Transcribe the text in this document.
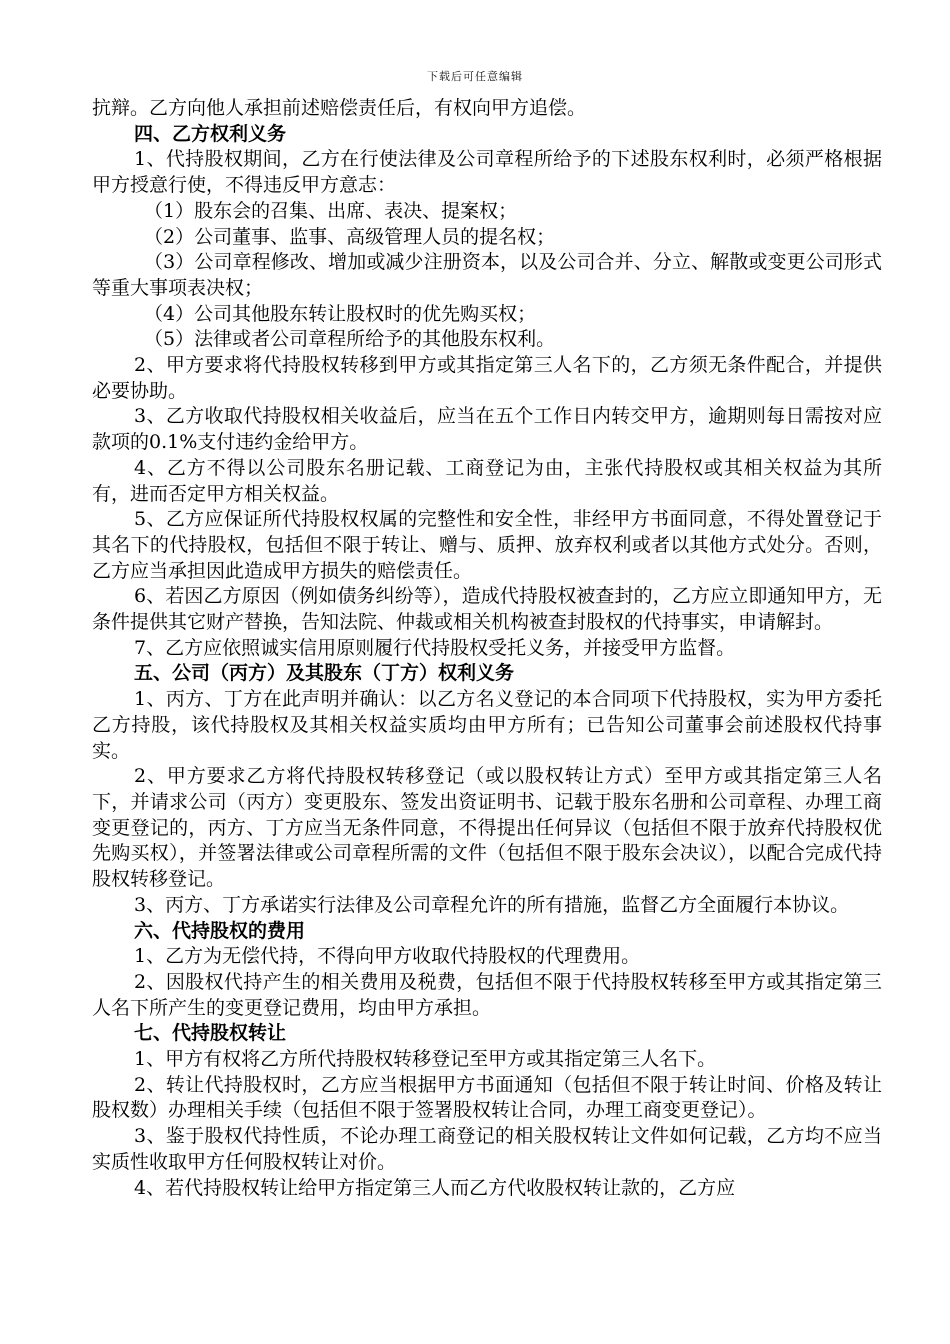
下载后可任意编辑

抗辩。乙方向他人承担前述赔偿责任后，有权向甲方追偿。

四、乙方权利义务

1、代持股权期间，乙方在行使法律及公司章程所给予的下述股东权利时，必须严格根据甲方授意行使，不得违反甲方意志：

（1）股东会的召集、出席、表决、提案权；

（2）公司董事、监事、高级管理人员的提名权；

（3）公司章程修改、增加或减少注册资本，以及公司合并、分立、解散或变更公司形式等重大事项表决权；

（4）公司其他股东转让股权时的优先购买权；

（5）法律或者公司章程所给予的其他股东权利。

2、甲方要求将代持股权转移到甲方或其指定第三人名下的，乙方须无条件配合，并提供必要协助。

3、乙方收取代持股权相关收益后，应当在五个工作日内转交甲方，逾期则每日需按对应款项的0.1%支付违约金给甲方。

4、乙方不得以公司股东名册记载、工商登记为由，主张代持股权或其相关权益为其所有，进而否定甲方相关权益。

5、乙方应保证所代持股权权属的完整性和安全性，非经甲方书面同意，不得处置登记于其名下的代持股权，包括但不限于转让、赠与、质押、放弃权利或者以其他方式处分。否则，乙方应当承担因此造成甲方损失的赔偿责任。

6、若因乙方原因（例如债务纠纷等），造成代持股权被查封的，乙方应立即通知甲方，无条件提供其它财产替换，告知法院、仲裁或相关机构被查封股权的代持事实，申请解封。

7、乙方应依照诚实信用原则履行代持股权受托义务，并接受甲方监督。

五、公司（丙方）及其股东（丁方）权利义务

1、丙方、丁方在此声明并确认：以乙方名义登记的本合同项下代持股权，实为甲方委托乙方持股，该代持股权及其相关权益实质均由甲方所有；已告知公司董事会前述股权代持事实。

2、甲方要求乙方将代持股权转移登记（或以股权转让方式）至甲方或其指定第三人名下，并请求公司（丙方）变更股东、签发出资证明书、记载于股东名册和公司章程、办理工商变更登记的，丙方、丁方应当无条件同意，不得提出任何异议（包括但不限于放弃代持股权优先购买权），并签署法律或公司章程所需的文件（包括但不限于股东会决议），以配合完成代持股权转移登记。

3、丙方、丁方承诺实行法律及公司章程允许的所有措施，监督乙方全面履行本协议。

六、代持股权的费用

1、乙方为无偿代持，不得向甲方收取代持股权的代理费用。

2、因股权代持产生的相关费用及税费，包括但不限于代持股权转移至甲方或其指定第三人名下所产生的变更登记费用，均由甲方承担。

七、代持股权转让

1、甲方有权将乙方所代持股权转移登记至甲方或其指定第三人名下。

2、转让代持股权时，乙方应当根据甲方书面通知（包括但不限于转让时间、价格及转让股权数）办理相关手续（包括但不限于签署股权转让合同，办理工商变更登记）。

3、鉴于股权代持性质，不论办理工商登记的相关股权转让文件如何记载，乙方均不应当实质性收取甲方任何股权转让对价。

4、若代持股权转让给甲方指定第三人而乙方代收股权转让款的，乙方应
